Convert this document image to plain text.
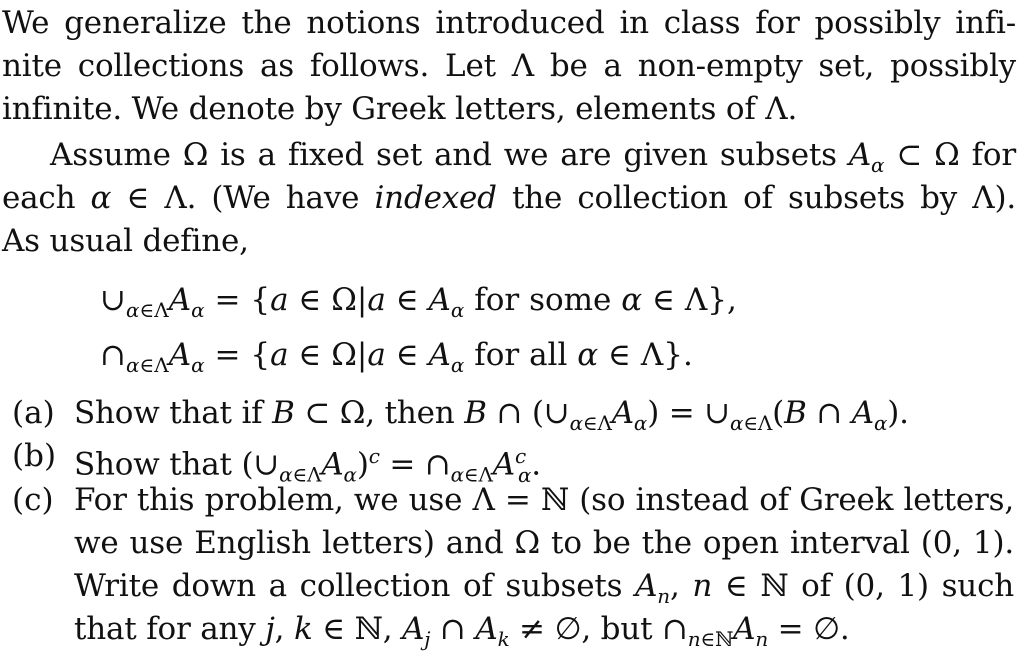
We generalize the notions introduced in class for possibly infi-
nite collections as follows. Let Λ be a non-empty set, possibly
infinite. We denote by Greek letters, elements of Λ.
Assume Ω is a fixed set and we are given subsets $A_\alpha$ ⊂ Ω for
each α ∈ Λ. (We have indexed the collection of subsets by Λ).
As usual define,
$\cup_{\alpha\in\Lambda}A_\alpha = \{a$ ∈ Ω|a ∈ $A_\alpha$ for some α ∈ Λ},
$\cap_{\alpha\in\Lambda}A_\alpha = \{a$ ∈ Ω|a ∈ $A_\alpha$ for all α ∈ Λ}.
(a) Show that if B ⊂ Ω, then B ∩ $(\cup_{\alpha\in\Lambda}A_\alpha)$ = $\cup_{\alpha\in\Lambda}(B$ ∩ $A_\alpha$).
(b) Show that $(\cup_{\alpha\in\Lambda}A_\alpha)^c$ = $\cap_{\alpha\in\Lambda}A^c_\alpha$.
(c) For this problem, we use Λ = ℕ (so instead of Greek letters,
we use English letters) and Ω to be the open interval (0, 1).
Write down a collection of subsets $A_n$, n ∈ ℕ of (0, 1) such
that for any j, k ∈ ℕ, $A_j$ ∩ $A_k$ ≠ ∅, but $\cap_{n\in ℕ}A_n$ = ∅.
